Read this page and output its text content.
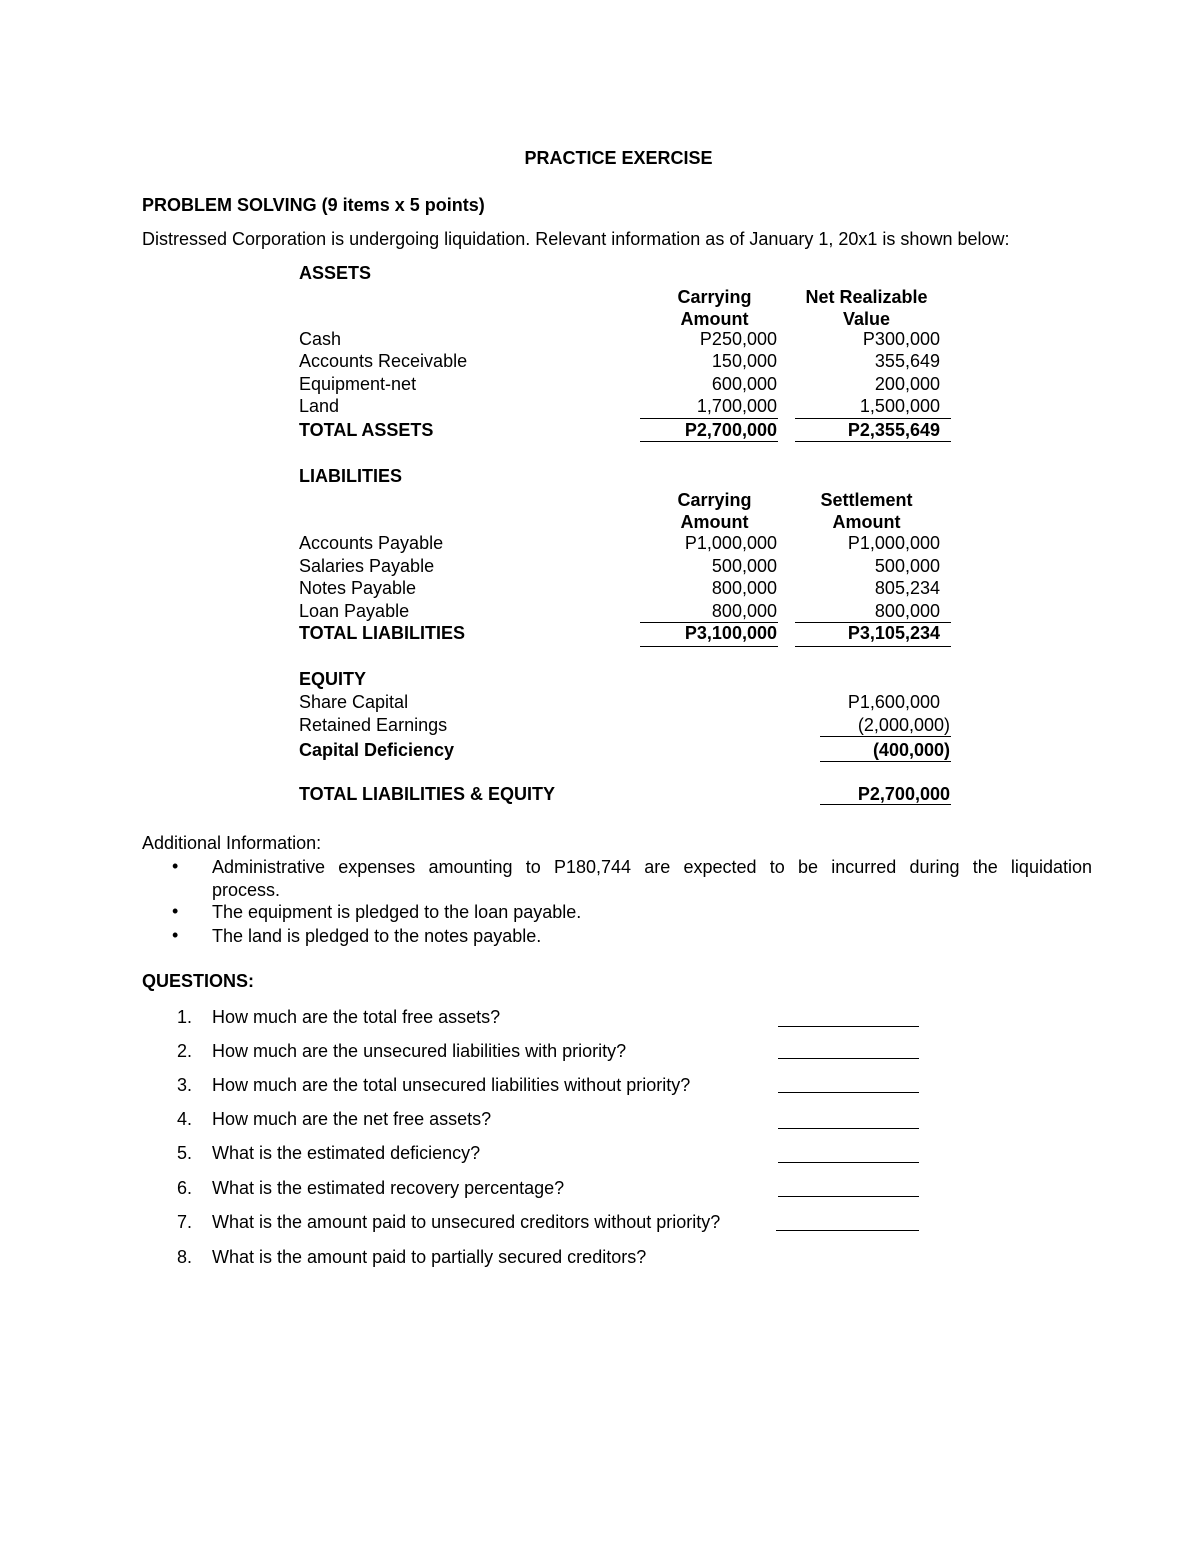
PRACTICE EXERCISE
PROBLEM SOLVING (9 items x 5 points)
Distressed Corporation is undergoing liquidation. Relevant information as of January 1, 20x1 is shown below:
ASSETS
Carrying
Amount
Net Realizable
Value
Cash	P250,000	P300,000
Accounts Receivable	150,000	355,649
Equipment-net	600,000	200,000
Land	1,700,000	1,500,000
TOTAL ASSETS	P2,700,000	P2,355,649
LIABILITIES
Carrying
Amount
Settlement
Amount
Accounts Payable	P1,000,000	P1,000,000
Salaries Payable	500,000	500,000
Notes Payable	800,000	805,234
Loan Payable	800,000	800,000
TOTAL LIABILITIES	P3,100,000	P3,105,234
EQUITY
Share Capital	P1,600,000
Retained Earnings	(2,000,000)
Capital Deficiency	(400,000)
TOTAL LIABILITIES & EQUITY	P2,700,000
Additional Information:
• Administrative expenses amounting to P180,744 are expected to be incurred during the liquidation
process.
• The equipment is pledged to the loan payable.
• The land is pledged to the notes payable.
QUESTIONS:
1. How much are the total free assets?
2. How much are the unsecured liabilities with priority?
3. How much are the total unsecured liabilities without priority?
4. How much are the net free assets?
5. What is the estimated deficiency?
6. What is the estimated recovery percentage?
7. What is the amount paid to unsecured creditors without priority?
8. What is the amount paid to partially secured creditors?
